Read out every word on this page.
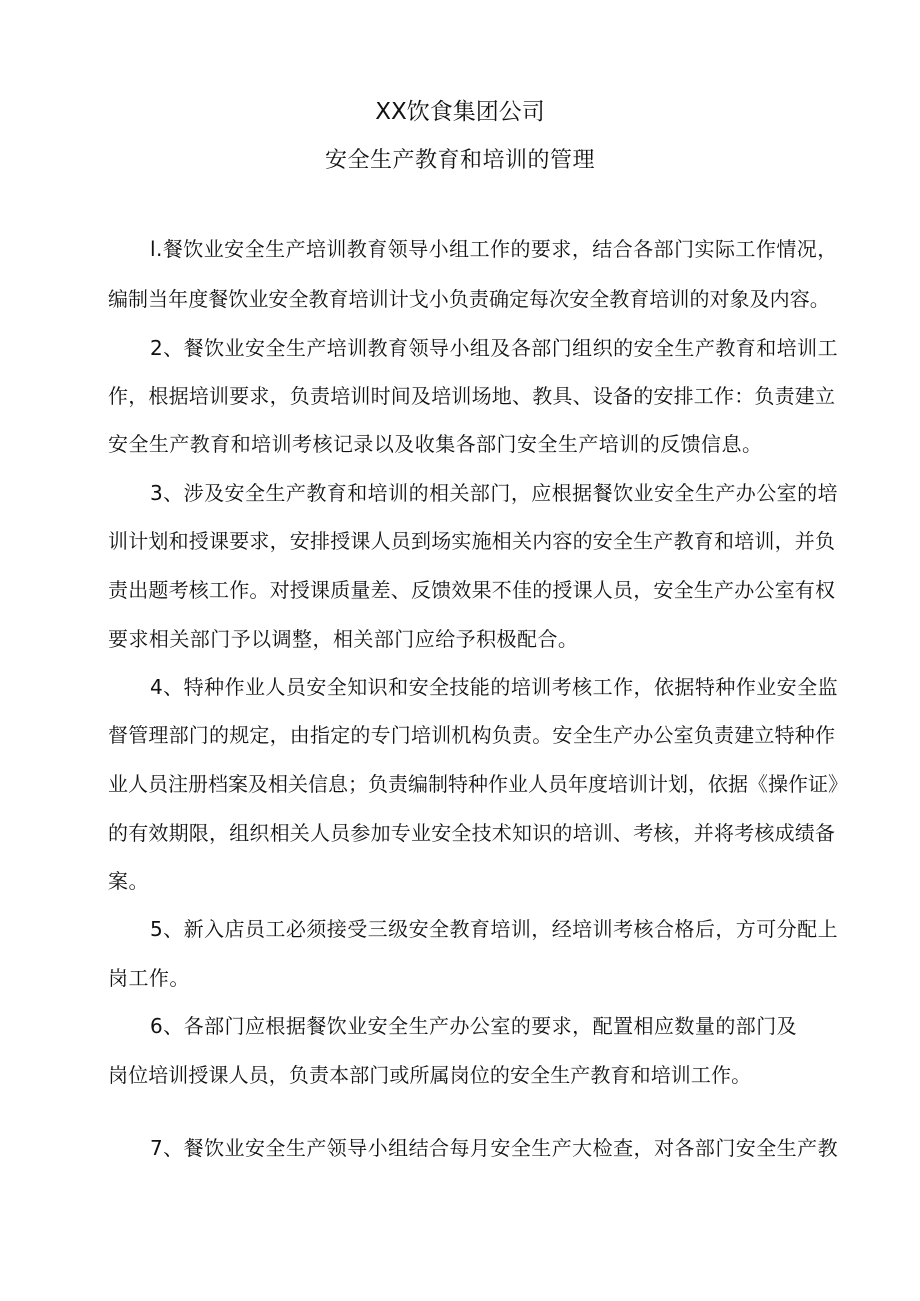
XX饮食集团公司
安全生产教育和培训的管理
l.餐饮业安全生产培训教育领导小组工作的要求，结合各部门实际工作情况，
编制当年度餐饮业安全教育培训计戈小负责确定每次安全教育培训的对象及内容。
2、餐饮业安全生产培训教育领导小组及各部门组织的安全生产教育和培训工
作，根据培训要求，负责培训时间及培训场地、教具、设备的安排工作：负责建立
安全生产教育和培训考核记录以及收集各部门安全生产培训的反馈信息。
3、涉及安全生产教育和培训的相关部门，应根据餐饮业安全生产办公室的培
训计划和授课要求，安排授课人员到场实施相关内容的安全生产教育和培训，并负
责出题考核工作。对授课质量差、反馈效果不佳的授课人员，安全生产办公室有权
要求相关部门予以调整，相关部门应给予积极配合。
4、特种作业人员安全知识和安全技能的培训考核工作，依据特种作业安全监
督管理部门的规定，由指定的专门培训机构负责。安全生产办公室负责建立特种作
业人员注册档案及相关信息；负责编制特种作业人员年度培训计划，依据《操作证》
的有效期限，组织相关人员参加专业安全技术知识的培训、考核，并将考核成绩备
案。
5、新入店员工必须接受三级安全教育培训，经培训考核合格后，方可分配上
岗工作。
6、各部门应根据餐饮业安全生产办公室的要求，配置相应数量的部门及
岗位培训授课人员，负责本部门或所属岗位的安全生产教育和培训工作。
7、餐饮业安全生产领导小组结合每月安全生产大检查，对各部门安全生产教
